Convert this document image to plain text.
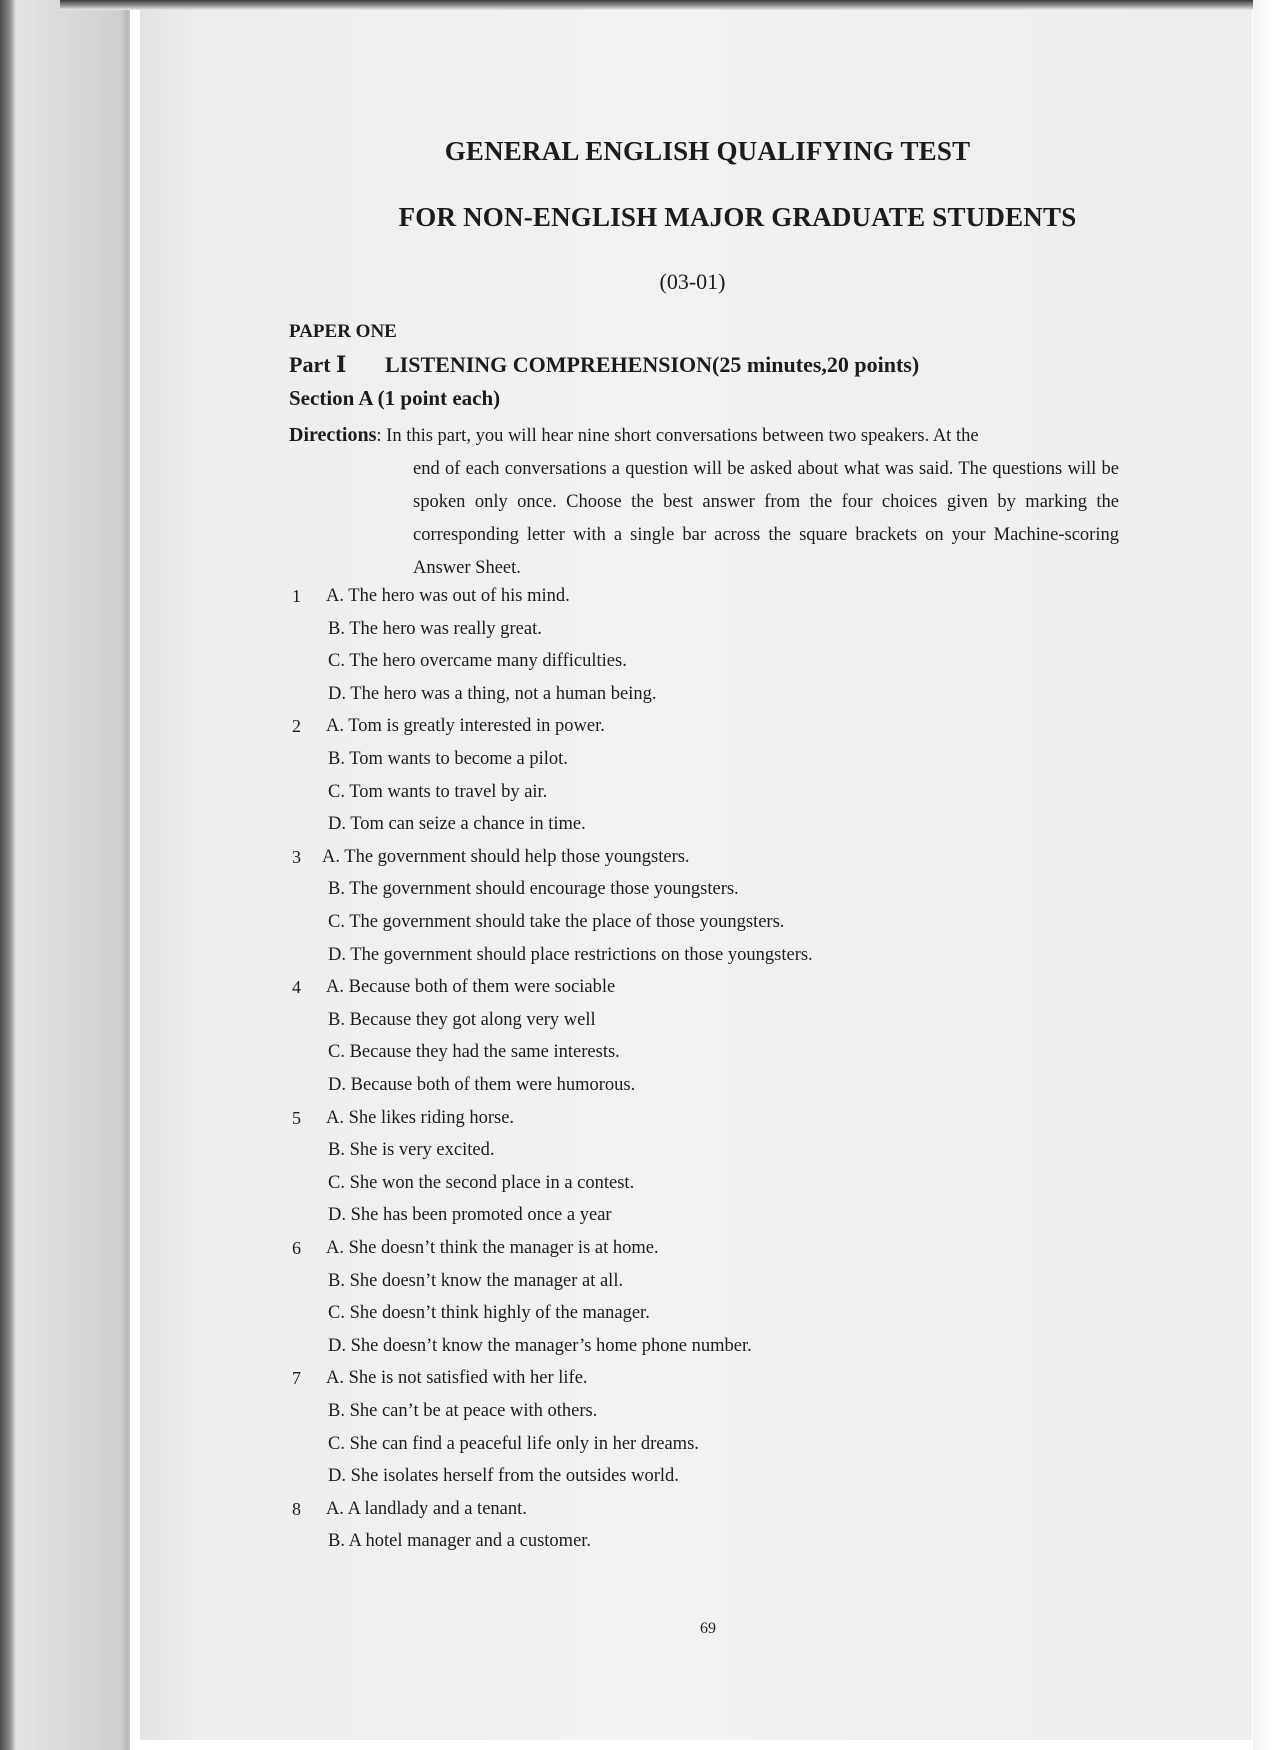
GENERAL ENGLISH QUALIFYING TEST
FOR NON-ENGLISH MAJOR GRADUATE STUDENTS
(03-01)
PAPER ONE
Part Ⅰ LISTENING COMPREHENSION(25 minutes,20 points)
Section A (1 point each)
Directions: In this part, you will hear nine short conversations between two speakers. At the
end of each conversations a question will be asked about what was said. The questions will be spoken only once. Choose the best answer from the four choices given by marking the corresponding letter with a single bar across the square brackets on your Machine-scoring Answer Sheet.
1 A. The hero was out of his mind.
B. The hero was really great.
C. The hero overcame many difficulties.
D. The hero was a thing, not a human being.
2 A. Tom is greatly interested in power.
B. Tom wants to become a pilot.
C. Tom wants to travel by air.
D. Tom can seize a chance in time.
3 A. The government should help those youngsters.
B. The government should encourage those youngsters.
C. The government should take the place of those youngsters.
D. The government should place restrictions on those youngsters.
4 A. Because both of them were sociable
B. Because they got along very well
C. Because they had the same interests.
D. Because both of them were humorous.
5 A. She likes riding horse.
B. She is very excited.
C. She won the second place in a contest.
D. She has been promoted once a year
6 A. She doesn’t think the manager is at home.
B. She doesn’t know the manager at all.
C. She doesn’t think highly of the manager.
D. She doesn’t know the manager’s home phone number.
7 A. She is not satisfied with her life.
B. She can’t be at peace with others.
C. She can find a peaceful life only in her dreams.
D. She isolates herself from the outsides world.
8 A. A landlady and a tenant.
B. A hotel manager and a customer.
69
